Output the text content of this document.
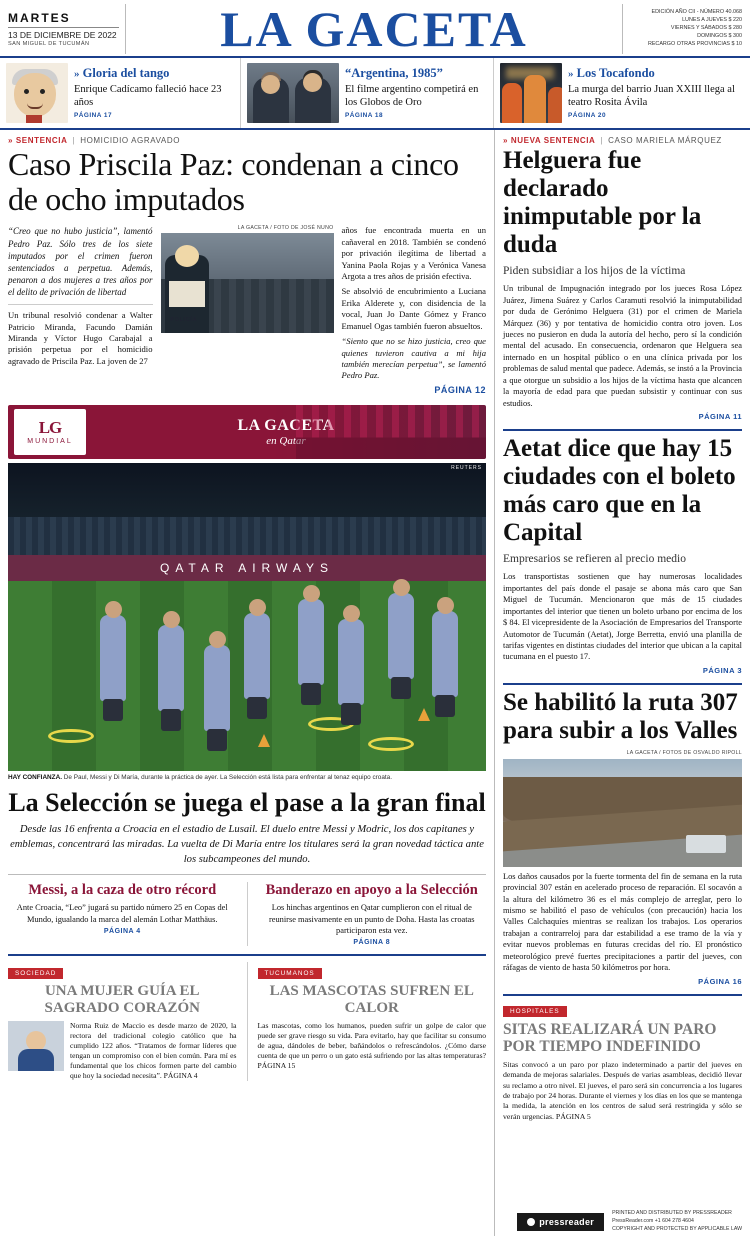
MARTES
13 DE DICIEMBRE DE 2022
SAN MIGUEL DE TUCUMÁN	LA GACETA	EDICIÓN AÑO CII - NÚMERO 40.068
LUNES A JUEVES $ 220
VIERNES Y SÁBADOS $ 280
DOMINGOS $ 300
RECARGO OTRAS PROVINCIAS $ 10
» Gloria del tango
Enrique Cadícamo falleció hace 23 años
PÁGINA 17
“Argentina, 1985”
El filme argentino competirá en los Globos de Oro
PÁGINA 18
» Los Tocafondo
La murga del barrio Juan XXIII llega al teatro Rosita Ávila
PÁGINA 20
» SENTENCIA | HOMICIDIO AGRAVADO
Caso Priscila Paz: condenan a cinco de ocho imputados
“Creo que no hubo justicia”, lamentó Pedro Paz. Sólo tres de los siete imputados por el crimen fueron sentenciados a perpetua. Además, penaron a dos mujeres a tres años por el delito de privación de libertad
Un tribunal resolvió condenar a Walter Patricio Miranda, Facundo Damián Miranda y Víctor Hugo Carabajal a prisión perpetua por el homicidio agravado de Priscila Paz. La joven de 27
LA GACETA / FOTO DE JOSÉ NUNO
POLICÍA
años fue encontrada muerta en un cañaveral en 2018. También se condenó por privación ilegítima de libertad a Yanina Paola Rojas y a Verónica Vanesa Argota a tres años de prisión efectiva.
Se absolvió de encubrimiento a Luciana Erika Alderete y, con disidencia de la vocal, Juan Jo Dante Gómez y Franco Emanuel Ogas también fueron absueltos.
“Siento que no se hizo justicia, creo que quienes tuvieron cautiva a mi hija también merecían perpetua”, se lamentó Pedro Paz.
PÁGINA 12
LG
MUNDIAL
LA GACETA
en Qatar
QATAR AIRWAYS
REUTERS
HAY CONFIANZA. De Paul, Messi y Di María, durante la práctica de ayer. La Selección está lista para enfrentar al tenaz equipo croata.
La Selección se juega el pase a la gran final
Desde las 16 enfrenta a Croacia en el estadio de Lusail. El duelo entre Messi y Modric, los dos capitanes y emblemas, concentrará las miradas. La vuelta de Di María entre los titulares será la gran novedad táctica ante los subcampeones del mundo.
Messi, a la caza de otro récord

Ante Croacia, “Leo” jugará su partido número 25 en Copas del Mundo, igualando la marca del alemán Lothar Matthäus.

PÁGINA 4
Banderazo en apoyo a la Selección

Los hinchas argentinos en Qatar cumplieron con el ritual de reunirse masivamente en un punto de Doha. Hasta las croatas participaron esta vez.

PÁGINA 8
SOCIEDAD
UNA MUJER GUÍA EL SAGRADO CORAZÓN

Norma Ruiz de Maccio es desde marzo de 2020, la rectora del tradicional colegio católico que ha cumplido 122 años. “Tratamos de formar líderes que tengan un compromiso con el bien común. Para mí es fundamental que los chicos formen parte del cambio que hoy la sociedad necesita”. PÁGINA 4

TUCUMANOS
LAS MASCOTAS SUFREN EL CALOR

Las mascotas, como los humanos, pueden sufrir un golpe de calor que puede ser grave riesgo su vida. Para evitarlo, hay que facilitar su consumo de agua, dándoles de beber, bañándolos o refrescándolos. ¿Cómo darse cuenta de que un perro o un gato está sufriendo por las altas temperaturas? PÁGINA 15

» NUEVA SENTENCIA | CASO MARIELA MÁRQUEZ
Helguera fue declarado inimputable por la duda
Piden subsidiar a los hijos de la víctima
Un tribunal de Impugnación integrado por los jueces Rosa López Juárez, Jimena Suárez y Carlos Caramuti resolvió la inimputabilidad por duda de Gerónimo Helguera (31) por el crimen de Mariela Márquez (36) y por tentativa de homicidio contra otro joven. Los jueces no pusieron en duda la autoría del hecho, pero sí la condición mental del acusado. En consecuencia, ordenaron que Helguera sea internado en un hospital público o en una clínica privada por los problemas de salud mental que padece. Además, se instó a la Provincia a que otorgue un subsidio a los hijos de la víctima hasta que alcancen la mayoría de edad para que puedan subsistir y continuar con sus estudios.
PÁGINA 11
Aetat dice que hay 15 ciudades con el boleto más caro que en la Capital
Empresarios se refieren al precio medio
Los transportistas sostienen que hay numerosas localidades importantes del país donde el pasaje se abona más caro que San Miguel de Tucumán. Mencionaron que más de 15 ciudades importantes del interior que tienen un boleto urbano por encima de los $ 84. El vicepresidente de la Asociación de Empresarios del Transporte Automotor de Tucumán (Aetat), Jorge Berretta, envió una planilla de tarifas vigentes en distintas ciudades del interior que ubican a la capital tucumana en el puesto 17.
PÁGINA 3
Se habilitó la ruta 307 para subir a los Valles
LA GACETA / FOTOS DE OSVALDO RIPOLL
Los daños causados por la fuerte tormenta del fin de semana en la ruta provincial 307 están en acelerado proceso de reparación. El socavón a la altura del kilómetro 36 es el más complejo de arreglar, pero lo mismo se habilitó el paso de vehículos (con precaución) hacia los Valles Calchaquíes mientras se realizan los trabajos. Los operarios trabajan a contrarreloj para dar estabilidad a ese tramo de la vía y evitar nuevos problemas en futuras crecidas del río. El pronóstico meteorológico prevé fuertes precipitaciones a partir del jueves, con ráfagas de viento de hasta 50 kilómetros por hora.
PÁGINA 16
HOSPITALES
SITAS REALIZARÁ UN PARO POR TIEMPO INDEFINIDO

Sitas convocó a un paro por plazo indeterminado a partir del jueves en demanda de mejoras salariales. Después de varias asambleas, decidió llevar su reclamo a otro nivel. El jueves, el paro será sin concurrencia a los lugares de trabajo por 24 horas. Durante el viernes y los días en los que se mantenga la medida, la atención en los centros de salud será restringida y sólo se verán urgencias. PÁGINA 5

pressreader
PRINTED AND DISTRIBUTED BY PRESSREADER
PressReader.com +1 604 278 4604
COPYRIGHT AND PROTECTED BY APPLICABLE LAW
